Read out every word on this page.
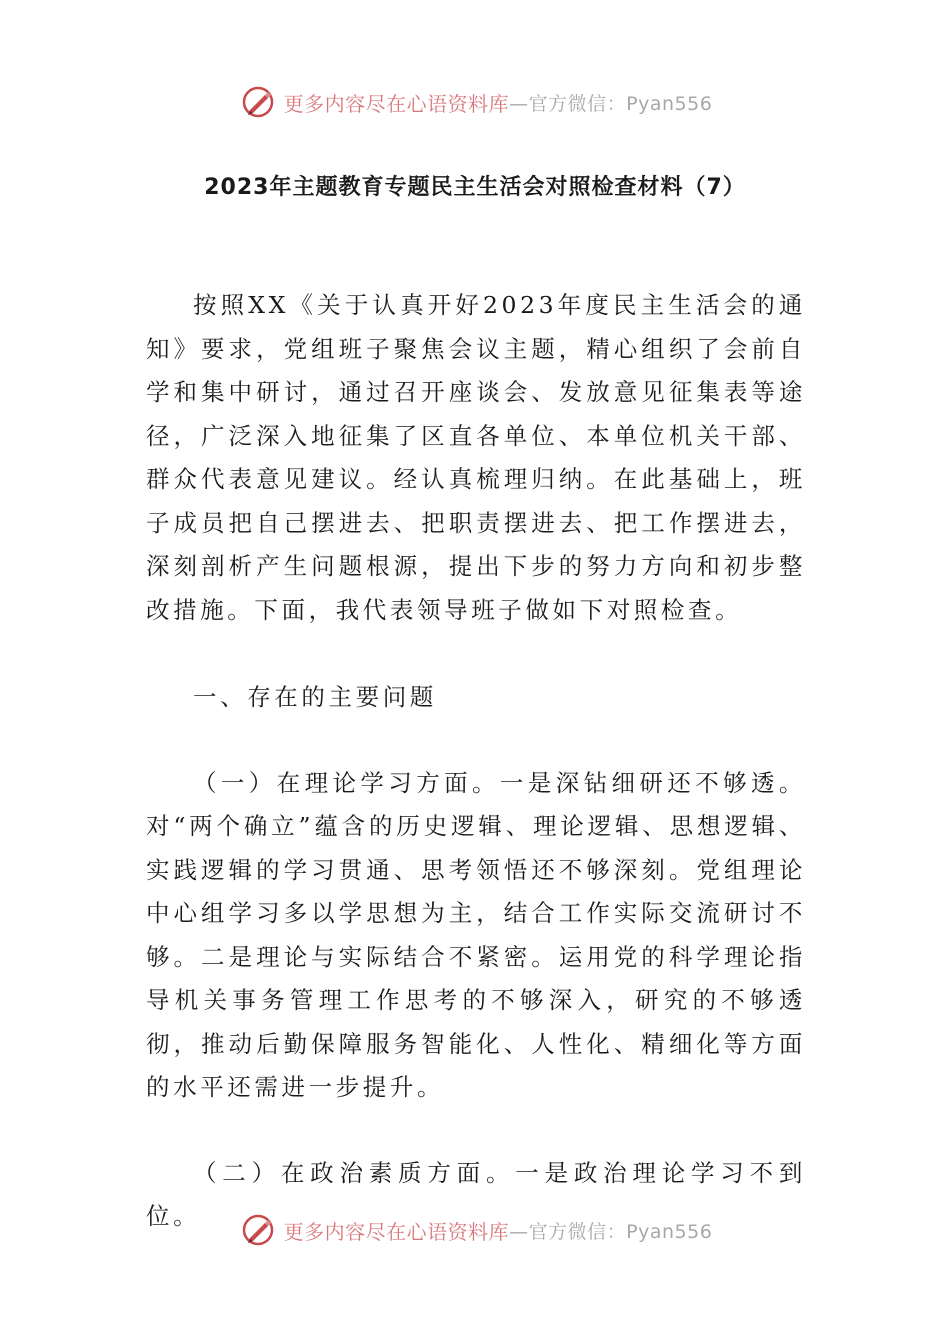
更多内容尽在心语资料库 —官方微信：Pyan556
2023年主题教育专题民主生活会对照检查材料（7）

按照XX《关于认真开好2023年度民主生活会的通知》要求，党组班子聚焦会议主题，精心组织了会前自学和集中研讨，通过召开座谈会、发放意见征集表等途径，广泛深入地征集了区直各单位、本单位机关干部、群众代表意见建议。经认真梳理归纳。在此基础上，班子成员把自己摆进去、把职责摆进去、把工作摆进去，深刻剖析产生问题根源，提出下步的努力方向和初步整改措施。下面，我代表领导班子做如下对照检查。

一、存在的主要问题

（一）在理论学习方面。一是深钻细研还不够透。对“两个确立”蕴含的历史逻辑、理论逻辑、思想逻辑、实践逻辑的学习贯通、思考领悟还不够深刻。党组理论中心组学习多以学思想为主，结合工作实际交流研讨不够。二是理论与实际结合不紧密。运用党的科学理论指导机关事务管理工作思考的不够深入，研究的不够透彻，推动后勤保障服务智能化、人性化、精细化等方面的水平还需进一步提升。

（二）在政治素质方面。一是政治理论学习不到位。

更多内容尽在心语资料库 —官方微信：Pyan556
